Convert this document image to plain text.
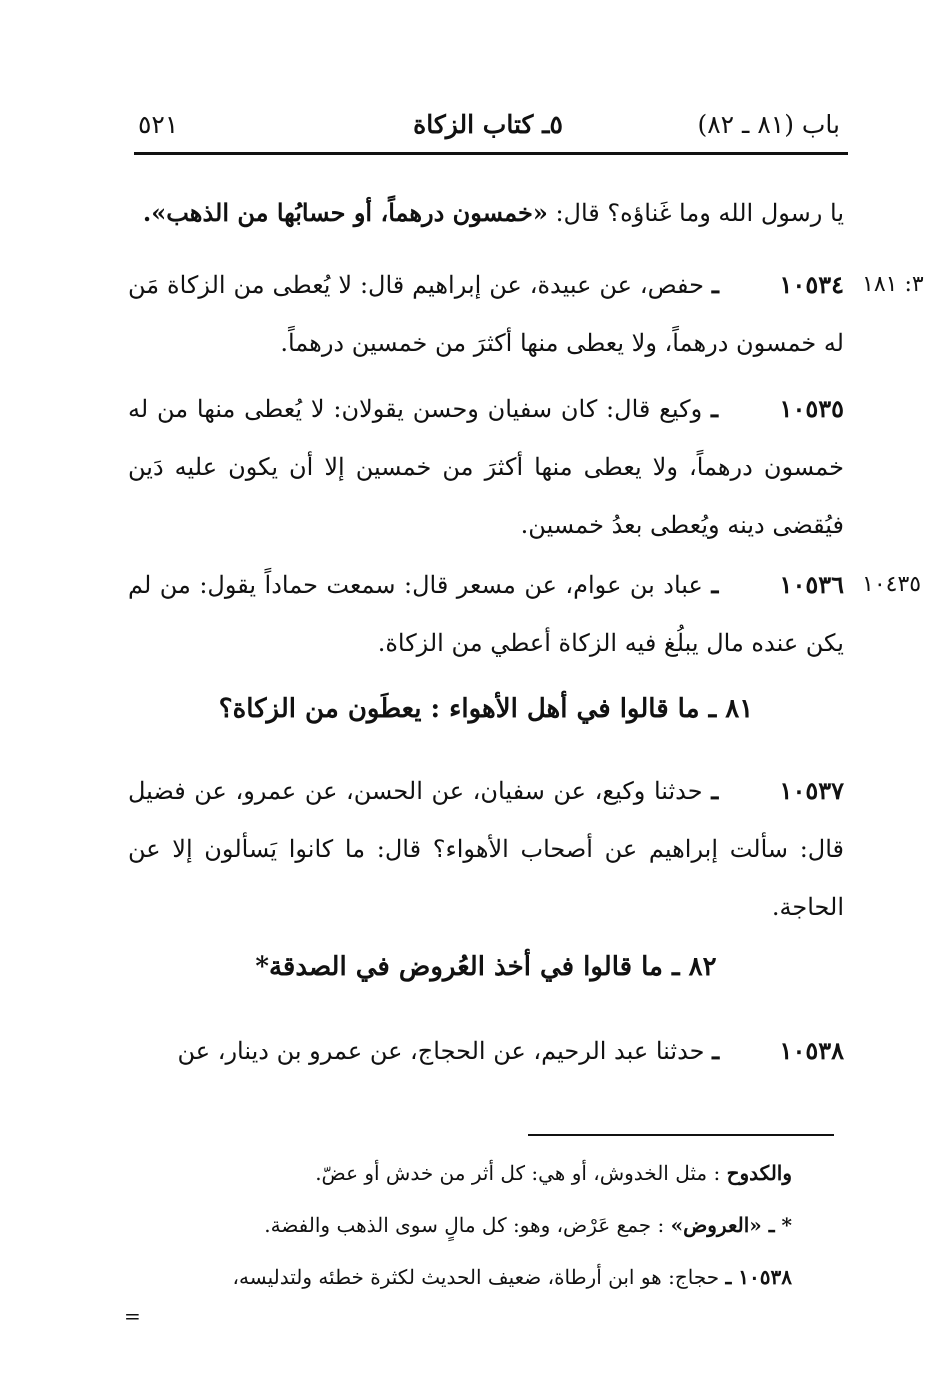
باب (٨١ ـ ٨٢)
٥ـ كتاب الزكاة
٥٢١
يا رسول الله وما غَناؤه؟ قال: «خمسون درهماً، أو حسابُها من الذهب».
٣: ١٨١
١٠٤٣٥
١٠٥٣٤ ـ حفص، عن عبيدة، عن إبراهيم قال: لا يُعطى من الزكاة مَن له خمسون درهماً، ولا يعطى منها أكثرَ من خمسين درهماً.
١٠٥٣٥ ـ وكيع قال: كان سفيان وحسن يقولان: لا يُعطى منها من له خمسون درهماً، ولا يعطى منها أكثرَ من خمسين إلا أن يكون عليه دَين فيُقضى دينه ويُعطى بعدُ خمسين.
١٠٥٣٦ ـ عباد بن عوام، عن مسعر قال: سمعت حماداً يقول: من لم يكن عنده مال يبلُغ فيه الزكاة أعطي من الزكاة.
٨١ ـ ما قالوا في أهل الأهواء : يعطَون من الزكاة؟
١٠٥٣٧ ـ حدثنا وكيع، عن سفيان، عن الحسن، عن عمرو، عن فضيل قال: سألت إبراهيم عن أصحاب الأهواء؟ قال: ما كانوا يَسألون إلا عن الحاجة.
٨٢ ـ ما قالوا في أخذ العُروض في الصدقة*
١٠٥٣٨ ـ حدثنا عبد الرحيم، عن الحجاج، عن عمرو بن دينار، عن
والكدوح : مثل الخدوش، أو هي: كل أثر من خدش أو عضّ.
* ـ «العروض» : جمع عَرْض، وهو: كل مالٍ سوى الذهب والفضة.
١٠٥٣٨ ـ حجاج: هو ابن أرطاة، ضعيف الحديث لكثرة خطئه ولتدليسه،
=
